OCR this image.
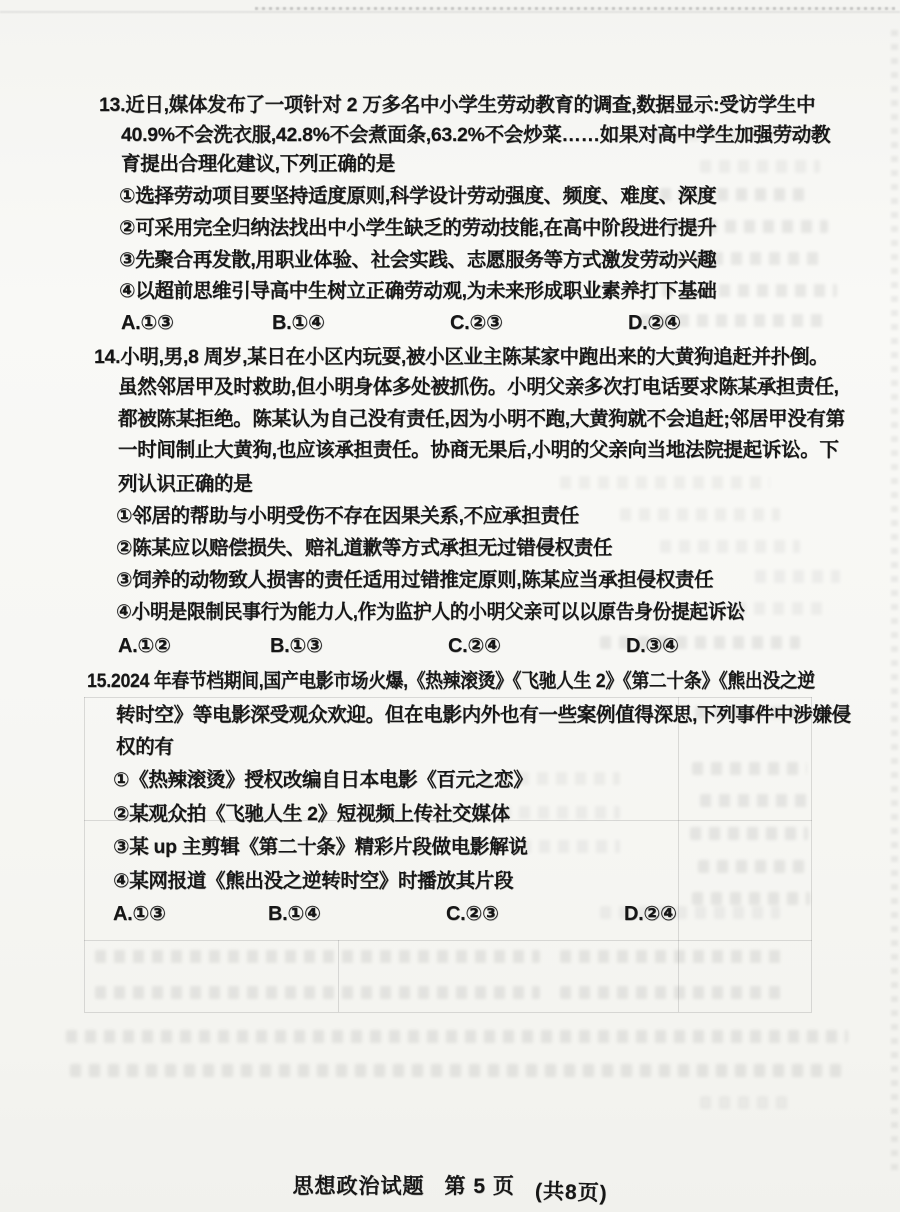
13.近日,媒体发布了一项针对 2 万多名中小学生劳动教育的调查,数据显示:受访学生中
40.9%不会洗衣服,42.8%不会煮面条,63.2%不会炒菜……如果对高中学生加强劳动教
育提出合理化建议,下列正确的是
①选择劳动项目要坚持适度原则,科学设计劳动强度、频度、难度、深度
②可采用完全归纳法找出中小学生缺乏的劳动技能,在高中阶段进行提升
③先聚合再发散,用职业体验、社会实践、志愿服务等方式激发劳动兴趣
④以超前思维引导高中生树立正确劳动观,为未来形成职业素养打下基础
A.①③	B.①④	C.②③	D.②④
14.小明,男,8 周岁,某日在小区内玩耍,被小区业主陈某家中跑出来的大黄狗追赶并扑倒。
虽然邻居甲及时救助,但小明身体多处被抓伤。小明父亲多次打电话要求陈某承担责任,
都被陈某拒绝。陈某认为自己没有责任,因为小明不跑,大黄狗就不会追赶;邻居甲没有第
一时间制止大黄狗,也应该承担责任。协商无果后,小明的父亲向当地法院提起诉讼。下
列认识正确的是
①邻居的帮助与小明受伤不存在因果关系,不应承担责任
②陈某应以赔偿损失、赔礼道歉等方式承担无过错侵权责任
③饲养的动物致人损害的责任适用过错推定原则,陈某应当承担侵权责任
④小明是限制民事行为能力人,作为监护人的小明父亲可以以原告身份提起诉讼
A.①②	B.①③	C.②④	D.③④
15.2024 年春节档期间,国产电影市场火爆,《热辣滚烫》《飞驰人生 2》《第二十条》《熊出没之逆
转时空》等电影深受观众欢迎。但在电影内外也有一些案例值得深思,下列事件中涉嫌侵
权的有
①《热辣滚烫》授权改编自日本电影《百元之恋》
②某观众拍《飞驰人生 2》短视频上传社交媒体
③某 up 主剪辑《第二十条》精彩片段做电影解说
④某网报道《熊出没之逆转时空》时播放其片段
A.①③	B.①④	C.②③	D.②④
思想政治试题 第 5 页 (共8页)
